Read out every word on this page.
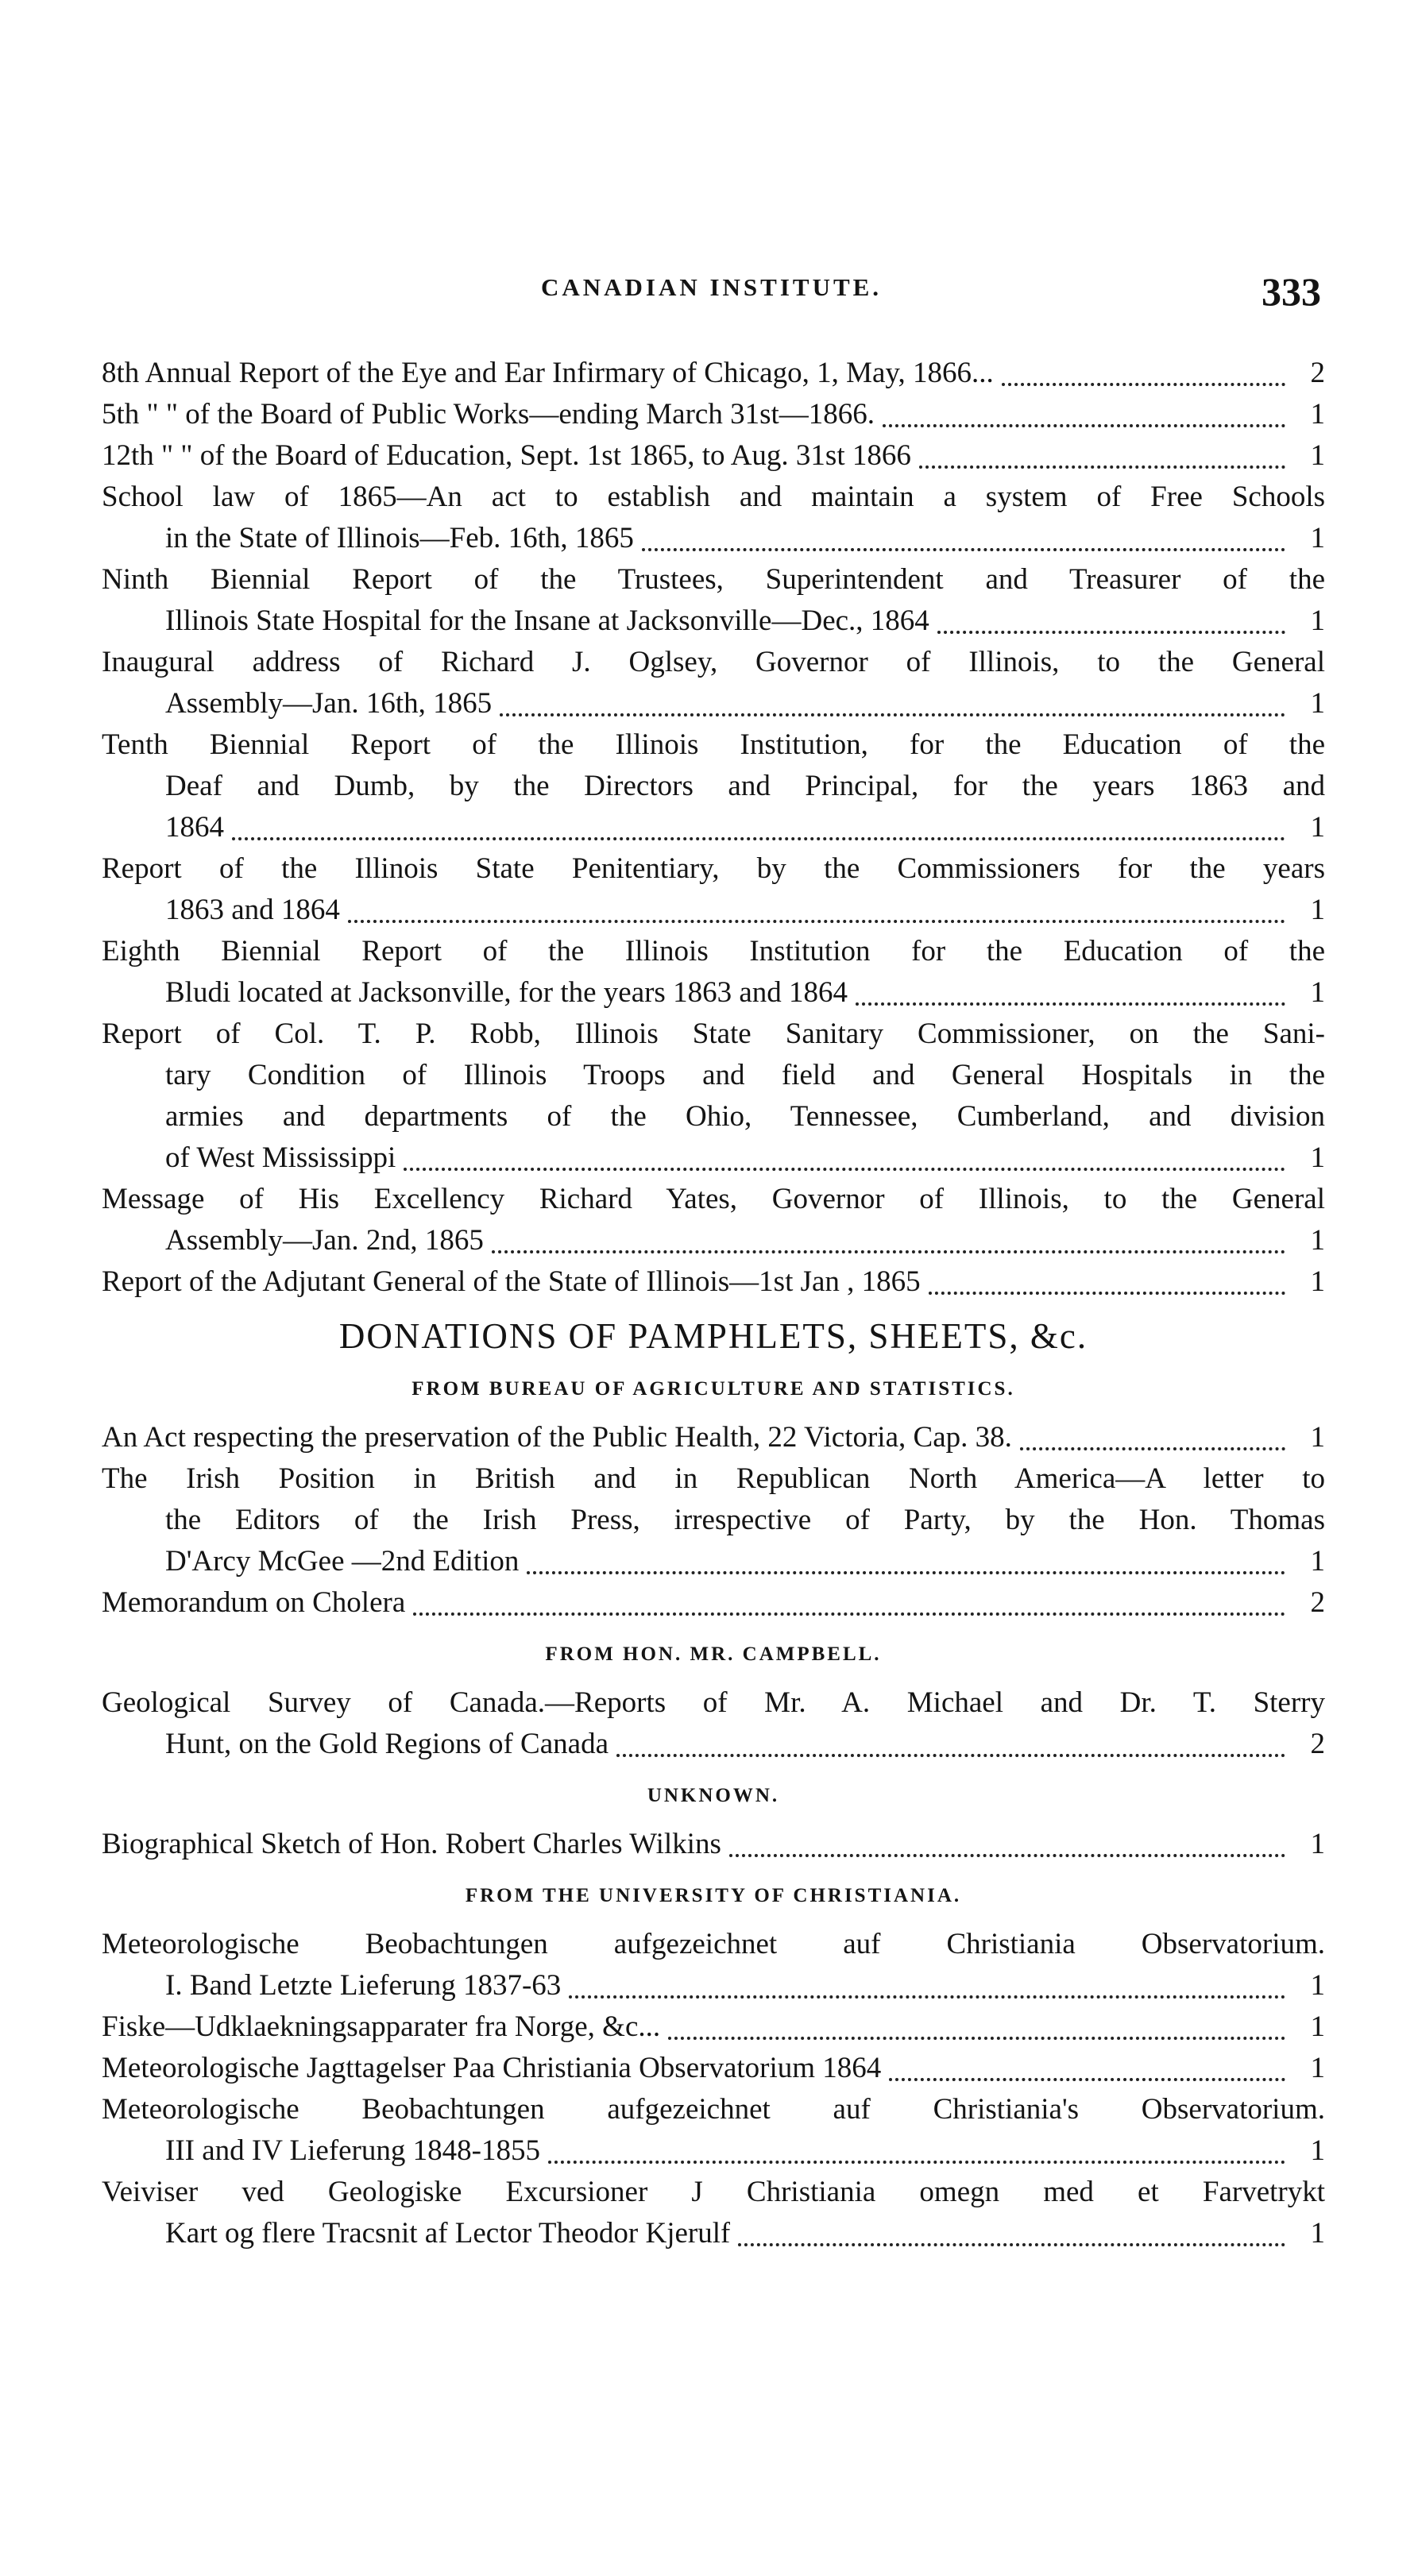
CANADIAN INSTITUTE.	333
8th Annual Report of the Eye and Ear Infirmary of Chicago, 1, May, 1866...	2
5th " " of the Board of Public Works—ending March 31st—1866.	1
12th " " of the Board of Education, Sept. 1st 1865, to Aug. 31st 1866	1
School law of 1865—An act to establish and maintain a system of Free Schools
in the State of Illinois—Feb. 16th, 1865	1
Ninth Biennial Report of the Trustees, Superintendent and Treasurer of the
Illinois State Hospital for the Insane at Jacksonville—Dec., 1864	1
Inaugural address of Richard J. Oglsey, Governor of Illinois, to the General
Assembly—Jan. 16th, 1865	1
Tenth Biennial Report of the Illinois Institution, for the Education of the
Deaf and Dumb, by the Directors and Principal, for the years 1863 and
1864	1
Report of the Illinois State Penitentiary, by the Commissioners for the years
1863 and 1864	1
Eighth Biennial Report of the Illinois Institution for the Education of the
Bludi located at Jacksonville, for the years 1863 and 1864	1
Report of Col. T. P. Robb, Illinois State Sanitary Commissioner, on the Sani-
tary Condition of Illinois Troops and field and General Hospitals in the
armies and departments of the Ohio, Tennessee, Cumberland, and division
of West Mississippi	1
Message of His Excellency Richard Yates, Governor of Illinois, to the General
Assembly—Jan. 2nd, 1865	1
Report of the Adjutant General of the State of Illinois—1st Jan , 1865	1
DONATIONS OF PAMPHLETS, SHEETS, &c.
FROM BUREAU OF AGRICULTURE AND STATISTICS.
An Act respecting the preservation of the Public Health, 22 Victoria, Cap. 38.	1
The Irish Position in British and in Republican North America—A letter to
the Editors of the Irish Press, irrespective of Party, by the Hon. Thomas
D'Arcy McGee —2nd Edition	1
Memorandum on Cholera	2
FROM HON. MR. CAMPBELL.
Geological Survey of Canada.—Reports of Mr. A. Michael and Dr. T. Sterry
Hunt, on the Gold Regions of Canada	2
UNKNOWN.
Biographical Sketch of Hon. Robert Charles Wilkins	1
FROM THE UNIVERSITY OF CHRISTIANIA.
Meteorologische Beobachtungen aufgezeichnet auf Christiania Observatorium.
I. Band Letzte Lieferung 1837-63	1
Fiske—Udklaekningsapparater fra Norge, &c...	1
Meteorologische Jagttagelser Paa Christiania Observatorium 1864	1
Meteorologische Beobachtungen aufgezeichnet auf Christiania's Observatorium.
III and IV Lieferung 1848-1855	1
Veiviser ved Geologiske Excursioner J Christiania omegn med et Farvetrykt
Kart og flere Tracsnit af Lector Theodor Kjerulf	1
